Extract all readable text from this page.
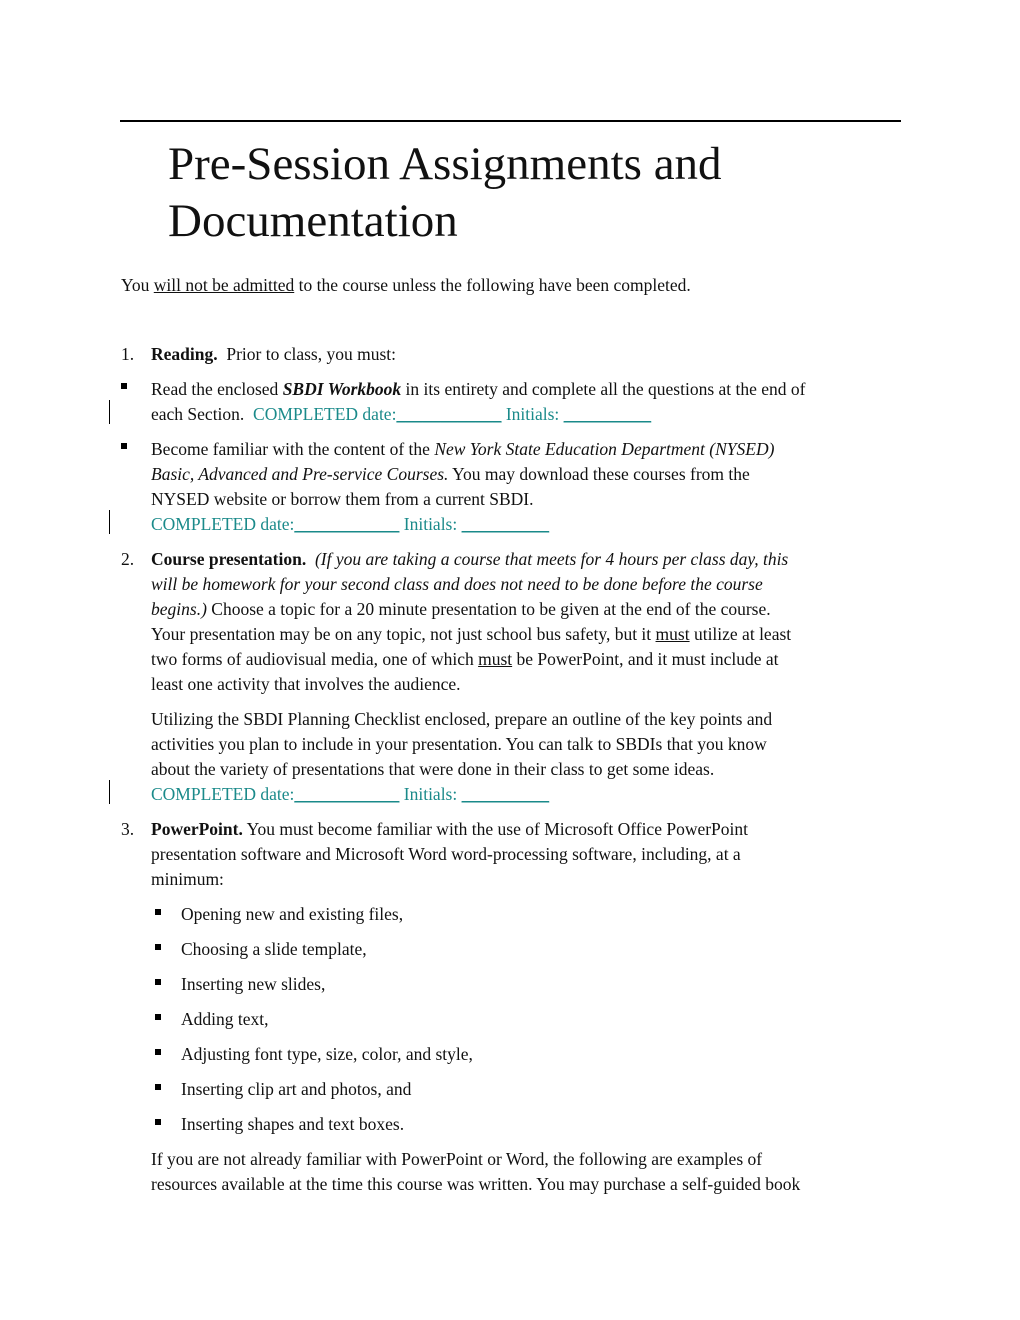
Pre-Session Assignments and Documentation

You will not be admitted to the course unless the following have been completed.

1. Reading. Prior to class, you must:

Read the enclosed SBDI Workbook in its entirety and complete all the questions at the end of
each Section. COMPLETED date:____________ Initials: __________

Become familiar with the content of the New York State Education Department (NYSED)
Basic, Advanced and Pre-service Courses. You may download these courses from the
NYSED website or borrow them from a current SBDI.
COMPLETED date:____________ Initials: __________

2. Course presentation. (If you are taking a course that meets for 4 hours per class day, this
will be homework for your second class and does not need to be done before the course
begins.) Choose a topic for a 20 minute presentation to be given at the end of the course.
Your presentation may be on any topic, not just school bus safety, but it must utilize at least
two forms of audiovisual media, one of which must be PowerPoint, and it must include at
least one activity that involves the audience.

Utilizing the SBDI Planning Checklist enclosed, prepare an outline of the key points and
activities you plan to include in your presentation. You can talk to SBDIs that you know
about the variety of presentations that were done in their class to get some ideas.
COMPLETED date:____________ Initials: __________

3. PowerPoint. You must become familiar with the use of Microsoft Office PowerPoint
presentation software and Microsoft Word word-processing software, including, at a
minimum:

Opening new and existing files,

Choosing a slide template,

Inserting new slides,

Adding text,

Adjusting font type, size, color, and style,

Inserting clip art and photos, and

Inserting shapes and text boxes.

If you are not already familiar with PowerPoint or Word, the following are examples of
resources available at the time this course was written. You may purchase a self-guided book
